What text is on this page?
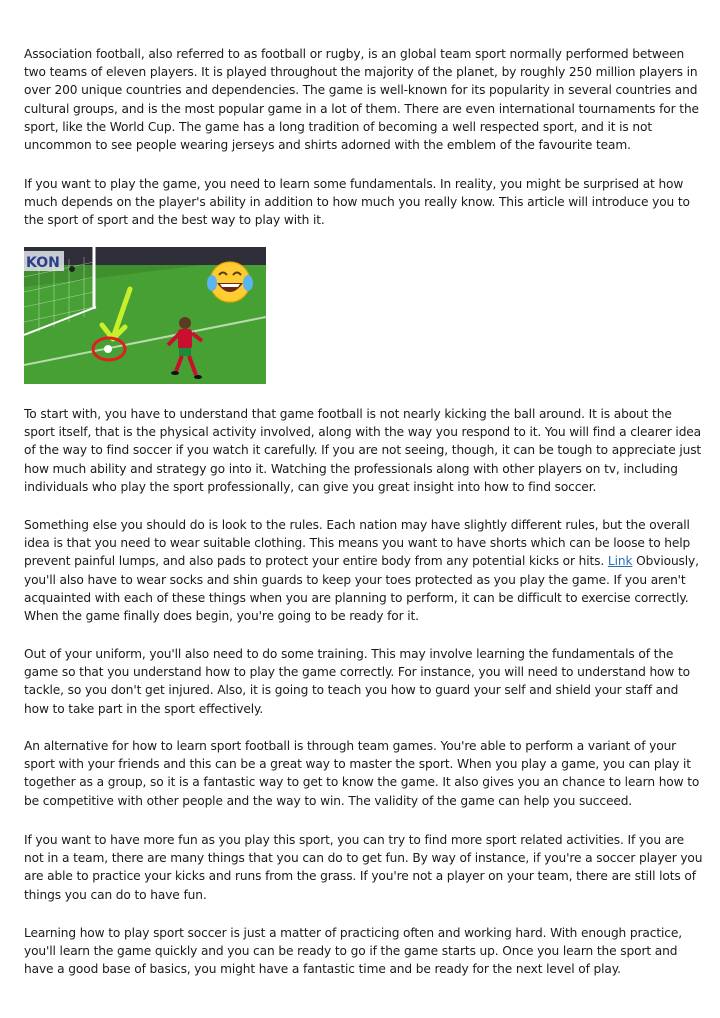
Association football, also referred to as football or rugby, is an global team sport normally performed between two teams of eleven players. It is played throughout the majority of the planet, by roughly 250 million players in over 200 unique countries and dependencies. The game is well-known for its popularity in several countries and cultural groups, and is the most popular game in a lot of them. There are even international tournaments for the sport, like the World Cup. The game has a long tradition of becoming a well respected sport, and it is not uncommon to see people wearing jerseys and shirts adorned with the emblem of the favourite team.

If you want to play the game, you need to learn some fundamentals. In reality, you might be surprised at how much depends on the player's ability in addition to how much you really know. This article will introduce you to the sport of sport and the best way to play with it.

KON

To start with, you have to understand that game football is not nearly kicking the ball around. It is about the sport itself, that is the physical activity involved, along with the way you respond to it. You will find a clearer idea of the way to find soccer if you watch it carefully. If you are not seeing, though, it can be tough to appreciate just how much ability and strategy go into it. Watching the professionals along with other players on tv, including individuals who play the sport professionally, can give you great insight into how to find soccer.

Something else you should do is look to the rules. Each nation may have slightly different rules, but the overall idea is that you need to wear suitable clothing. This means you want to have shorts which can be loose to help prevent painful lumps, and also pads to protect your entire body from any potential kicks or hits. Link Obviously, you'll also have to wear socks and shin guards to keep your toes protected as you play the game. If you aren't acquainted with each of these things when you are planning to perform, it can be difficult to exercise correctly. When the game finally does begin, you're going to be ready for it.

Out of your uniform, you'll also need to do some training. This may involve learning the fundamentals of the game so that you understand how to play the game correctly. For instance, you will need to understand how to tackle, so you don't get injured. Also, it is going to teach you how to guard your self and shield your staff and how to take part in the sport effectively.

An alternative for how to learn sport football is through team games. You're able to perform a variant of your sport with your friends and this can be a great way to master the sport. When you play a game, you can play it together as a group, so it is a fantastic way to get to know the game. It also gives you an chance to learn how to be competitive with other people and the way to win. The validity of the game can help you succeed.

If you want to have more fun as you play this sport, you can try to find more sport related activities. If you are not in a team, there are many things that you can do to get fun. By way of instance, if you're a soccer player you are able to practice your kicks and runs from the grass. If you're not a player on your team, there are still lots of things you can do to have fun.

Learning how to play sport soccer is just a matter of practicing often and working hard. With enough practice, you'll learn the game quickly and you can be ready to go if the game starts up. Once you learn the sport and have a good base of basics, you might have a fantastic time and be ready for the next level of play.
